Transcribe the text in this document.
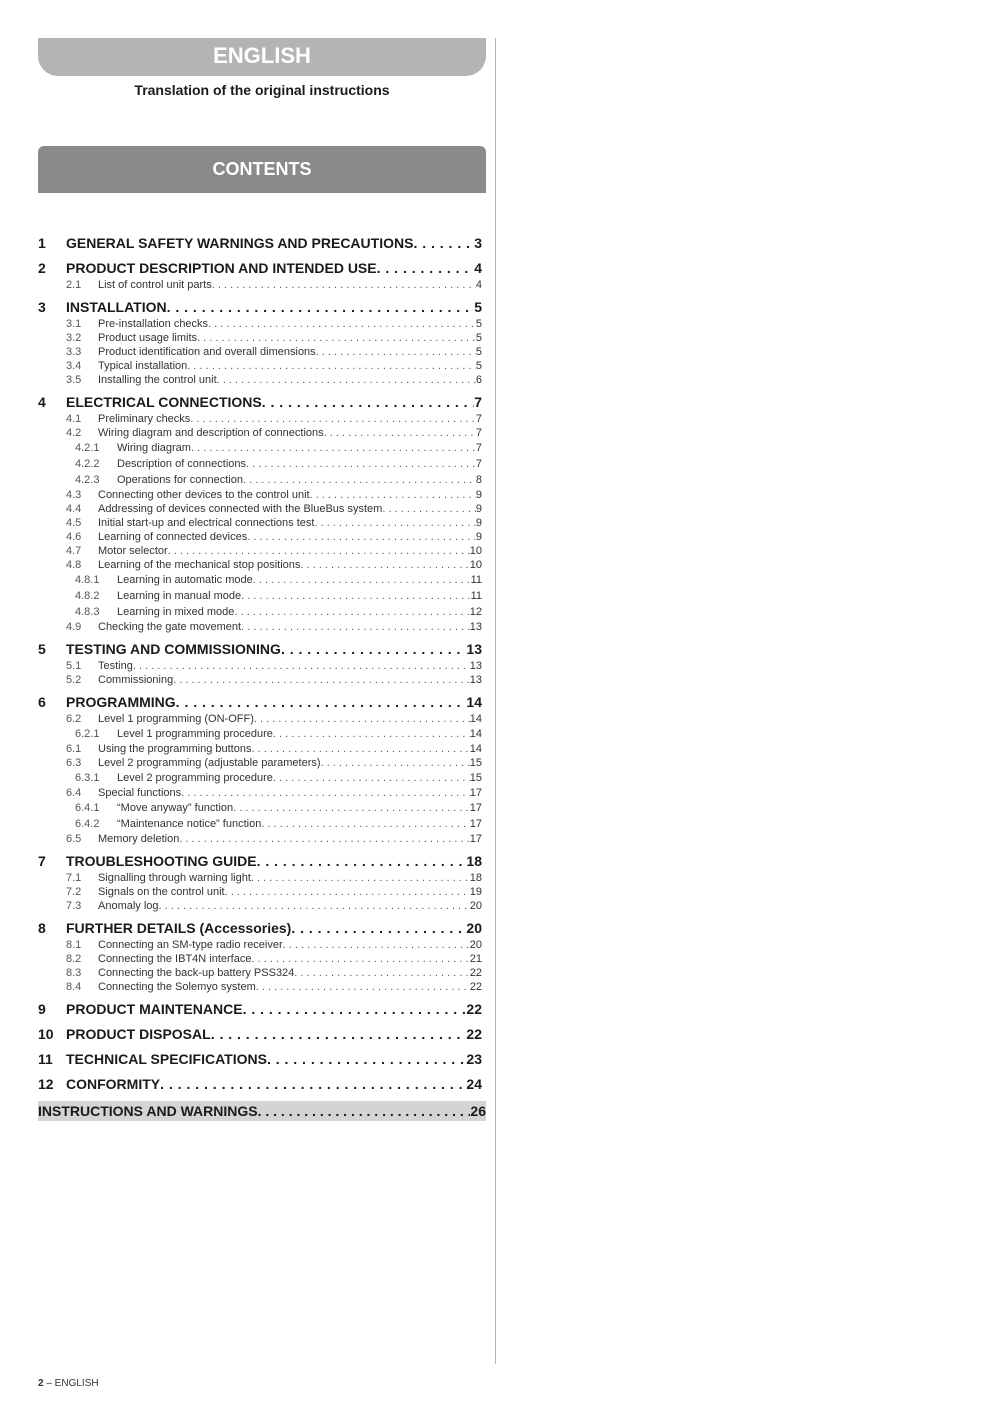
ENGLISH
Translation of the original instructions
CONTENTS
1	GENERAL SAFETY WARNINGS AND PRECAUTIONS . . .	3
2	PRODUCT DESCRIPTION AND INTENDED USE . . .	4
2.1	List of control unit parts . . .	4
3	INSTALLATION . . .	5
3.1	Pre-installation checks . . .	5
3.2	Product usage limits . . .	5
3.3	Product identification and overall dimensions . . .	5
3.4	Typical installation . . .	5
3.5	Installing the control unit . . .	6
4	ELECTRICAL CONNECTIONS . . .	7
4.1	Preliminary checks . . .	7
4.2	Wiring diagram and description of connections . . .	7
4.2.1	Wiring diagram . . .	7
4.2.2	Description of connections . . .	7
4.2.3	Operations for connection . . .	8
4.3	Connecting other devices to the control unit . . .	9
4.4	Addressing of devices connected with the BlueBus system . . .	9
4.5	Initial start-up and electrical connections test . . .	9
4.6	Learning of connected devices . . .	9
4.7	Motor selector . . .	10
4.8	Learning of the mechanical stop positions . . .	10
4.8.1	Learning in automatic mode . . .	11
4.8.2	Learning in manual mode . . .	11
4.8.3	Learning in mixed mode . . .	12
4.9	Checking the gate movement . . .	13
5	TESTING AND COMMISSIONING . . .	13
5.1	Testing . . .	13
5.2	Commissioning . . .	13
6	PROGRAMMING . . .	14
6.2	Level 1 programming (ON-OFF) . . .	14
6.2.1	Level 1 programming procedure . . .	14
6.1	Using the programming buttons . . .	14
6.3	Level 2 programming (adjustable parameters) . . .	15
6.3.1	Level 2 programming procedure . . .	15
6.4	Special functions . . .	17
6.4.1	“Move anyway” function . . .	17
6.4.2	“Maintenance notice” function . . .	17
6.5	Memory deletion . . .	17
7	TROUBLESHOOTING GUIDE . . .	18
7.1	Signalling through warning light . . .	18
7.2	Signals on the control unit . . .	19
7.3	Anomaly log . . .	20
8	FURTHER DETAILS (Accessories) . . .	20
8.1	Connecting an SM-type radio receiver . . .	20
8.2	Connecting the IBT4N interface . . .	21
8.3	Connecting the back-up battery PSS324 . . .	22
8.4	Connecting the Solemyo system . . .	22
9	PRODUCT MAINTENANCE . . .	22
10 PRODUCT DISPOSAL . . .	22
11 TECHNICAL SPECIFICATIONS . . .	23
12 CONFORMITY . . .	24
INSTRUCTIONS AND WARNINGS . . .	26
2 – ENGLISH
